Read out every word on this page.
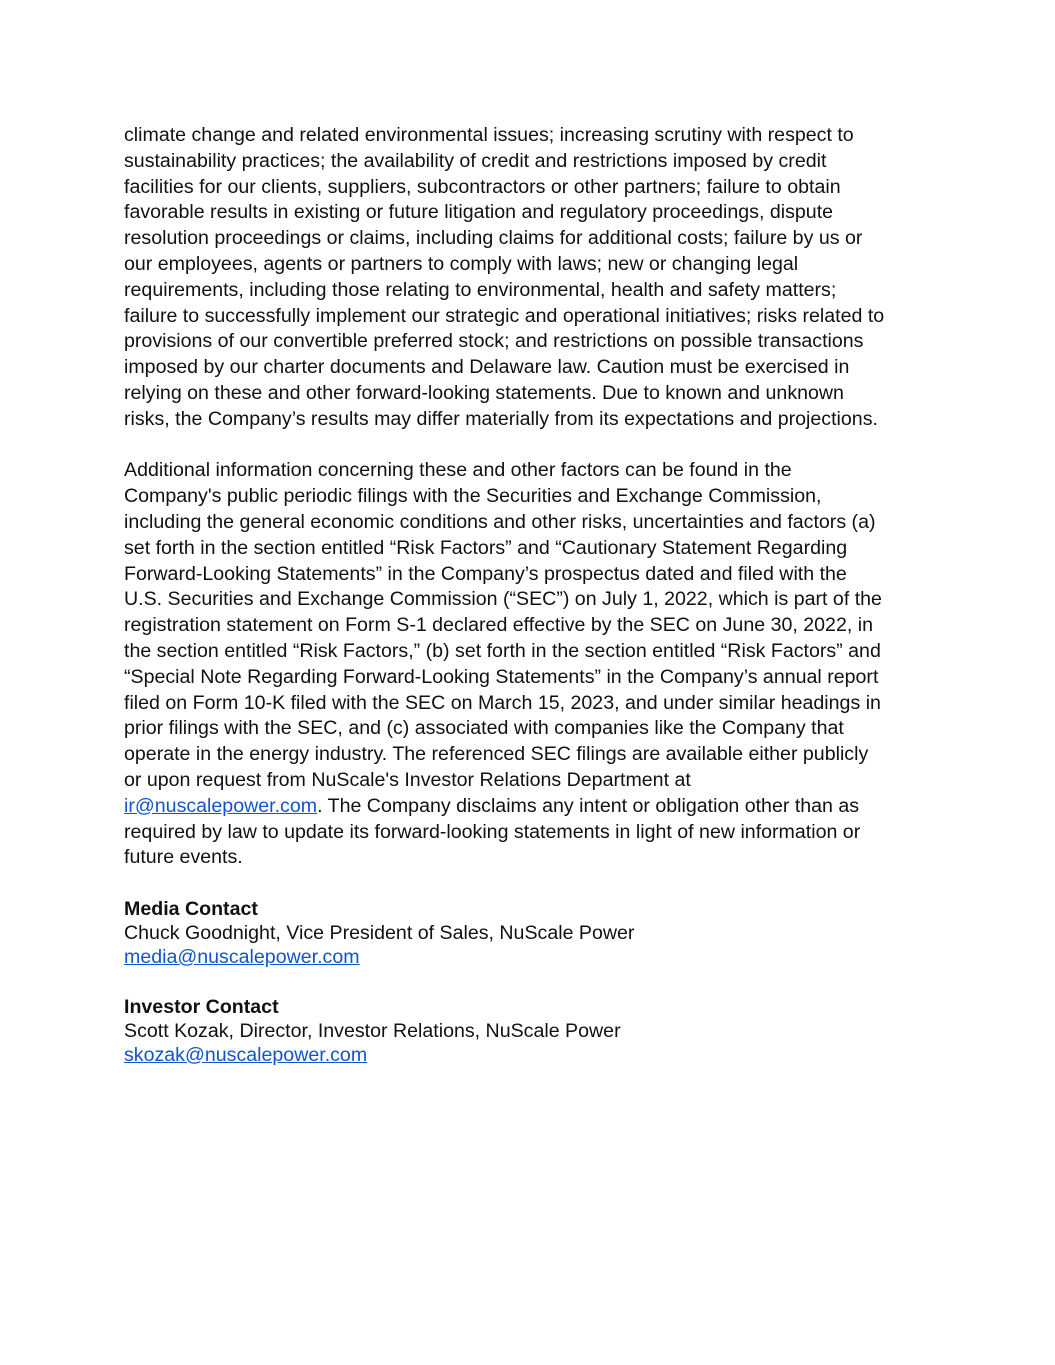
climate change and related environmental issues; increasing scrutiny with respect to
sustainability practices; the availability of credit and restrictions imposed by credit
facilities for our clients, suppliers, subcontractors or other partners; failure to obtain
favorable results in existing or future litigation and regulatory proceedings, dispute
resolution proceedings or claims, including claims for additional costs; failure by us or
our employees, agents or partners to comply with laws; new or changing legal
requirements, including those relating to environmental, health and safety matters;
failure to successfully implement our strategic and operational initiatives; risks related to
provisions of our convertible preferred stock; and restrictions on possible transactions
imposed by our charter documents and Delaware law. Caution must be exercised in
relying on these and other forward-looking statements. Due to known and unknown
risks, the Company’s results may differ materially from its expectations and projections.
Additional information concerning these and other factors can be found in the
Company's public periodic filings with the Securities and Exchange Commission,
including the general economic conditions and other risks, uncertainties and factors (a)
set forth in the section entitled “Risk Factors” and “Cautionary Statement Regarding
Forward-Looking Statements” in the Company’s prospectus dated and filed with the
U.S. Securities and Exchange Commission (“SEC”) on July 1, 2022, which is part of the
registration statement on Form S-1 declared effective by the SEC on June 30, 2022, in
the section entitled “Risk Factors,” (b) set forth in the section entitled “Risk Factors” and
“Special Note Regarding Forward-Looking Statements” in the Company’s annual report
filed on Form 10-K filed with the SEC on March 15, 2023, and under similar headings in
prior filings with the SEC, and (c) associated with companies like the Company that
operate in the energy industry. The referenced SEC filings are available either publicly
or upon request from NuScale's Investor Relations Department at
ir@nuscalepower.com. The Company disclaims any intent or obligation other than as
required by law to update its forward-looking statements in light of new information or
future events.
Media Contact
Chuck Goodnight, Vice President of Sales, NuScale Power
media@nuscalepower.com
Investor Contact
Scott Kozak, Director, Investor Relations, NuScale Power
skozak@nuscalepower.com
